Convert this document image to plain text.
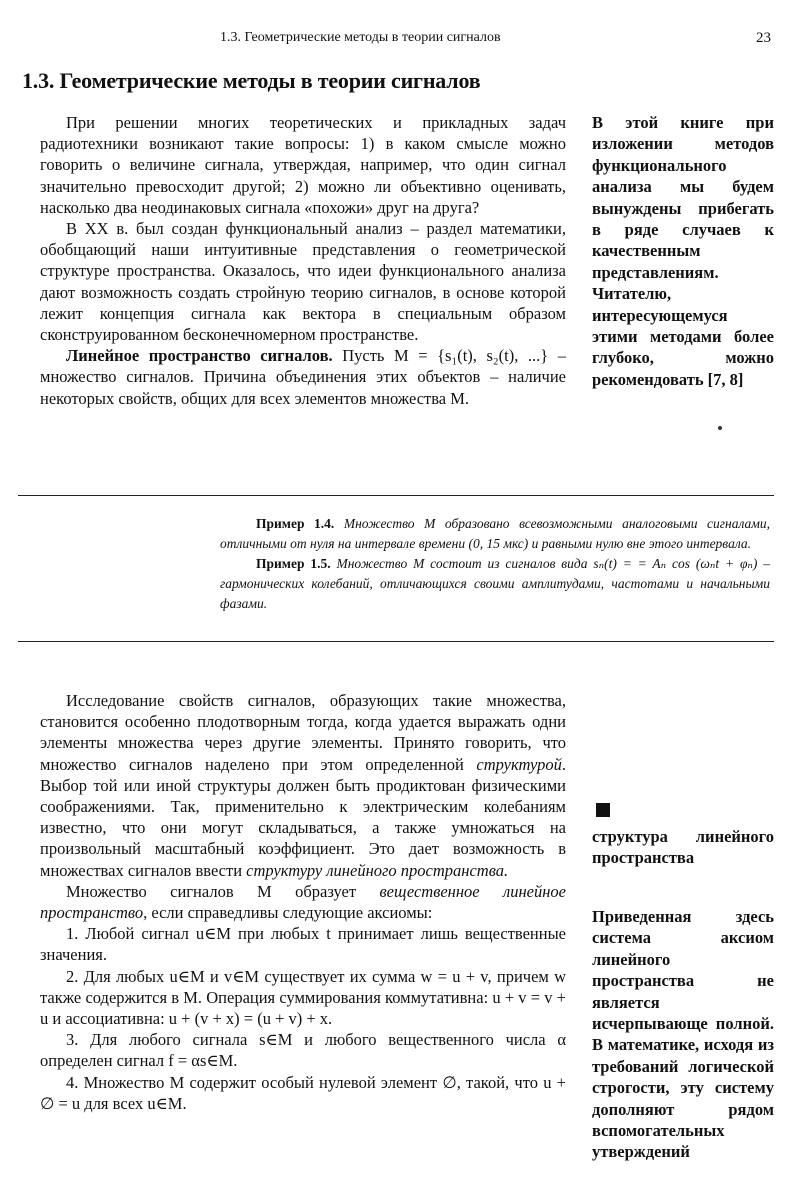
1.3. Геометрические методы в теории сигналов	23
1.3. Геометрические методы в теории сигналов

При решении многих теоретических и прикладных задач радиотехники возникают такие вопросы: 1) в каком смысле можно говорить о величине сигнала, утверждая, например, что один сигнал значительно превосходит другой; 2) можно ли объективно оценивать, насколько два неодинаковых сигнала «похожи» друг на друга?

В XX в. был создан функциональный анализ – раздел математики, обобщающий наши интуитивные представления о геометрической структуре пространства. Оказалось, что идеи функционального анализа дают возможность создать стройную теорию сигналов, в основе которой лежит концепция сигнала как вектора в специальным образом сконструированном бесконечномерном пространстве.

Линейное пространство сигналов. Пусть M = {s₁(t), s₂(t), ...} – множество сигналов. Причина объединения этих объектов – наличие некоторых свойств, общих для всех элементов множества M.

В этой книге при изложении методов функционального анализа мы будем вынуждены прибегать в ряде случаев к качественным представлениям. Читателю, интересующемуся этими методами более глубоко, можно рекомендовать [7, 8]

Пример 1.4. Множество M образовано всевозможными аналоговыми сигналами, отличными от нуля на интервале времени (0, 15 мкс) и равными нулю вне этого интервала.

Пример 1.5. Множество M состоит из сигналов вида sₙ(t) = = Aₙ cos (ωₙt + φₙ) – гармонических колебаний, отличающихся своими амплитудами, частотами и начальными фазами.

Исследование свойств сигналов, образующих такие множества, становится особенно плодотворным тогда, когда удается выражать одни элементы множества через другие элементы. Принято говорить, что множество сигналов наделено при этом определенной структурой. Выбор той или иной структуры должен быть продиктован физическими соображениями. Так, применительно к электрическим колебаниям известно, что они могут складываться, а также умножаться на произвольный масштабный коэффициент. Это дает возможность в множествах сигналов ввести структуру линейного пространства.

Множество сигналов M образует вещественное линейное пространство, если справедливы следующие аксиомы:

1. Любой сигнал u∈M при любых t принимает лишь вещественные значения.

2. Для любых u∈M и v∈M существует их сумма w = u + v, причем w также содержится в M. Операция суммирования коммутативна: u + v = v + u и ассоциативна: u + (v + x) = (u + v) + x.

3. Для любого сигнала s∈M и любого вещественного числа α определен сигнал f = αs∈M.

4. Множество M содержит особый нулевой элемент ∅, такой, что u + ∅ = u для всех u∈M.

структура линейного пространства
Приведенная здесь система аксиом линейного пространства не является исчерпывающе полной. В математике, исходя из требований логической строгости, эту систему дополняют рядом вспомогательных утверждений
